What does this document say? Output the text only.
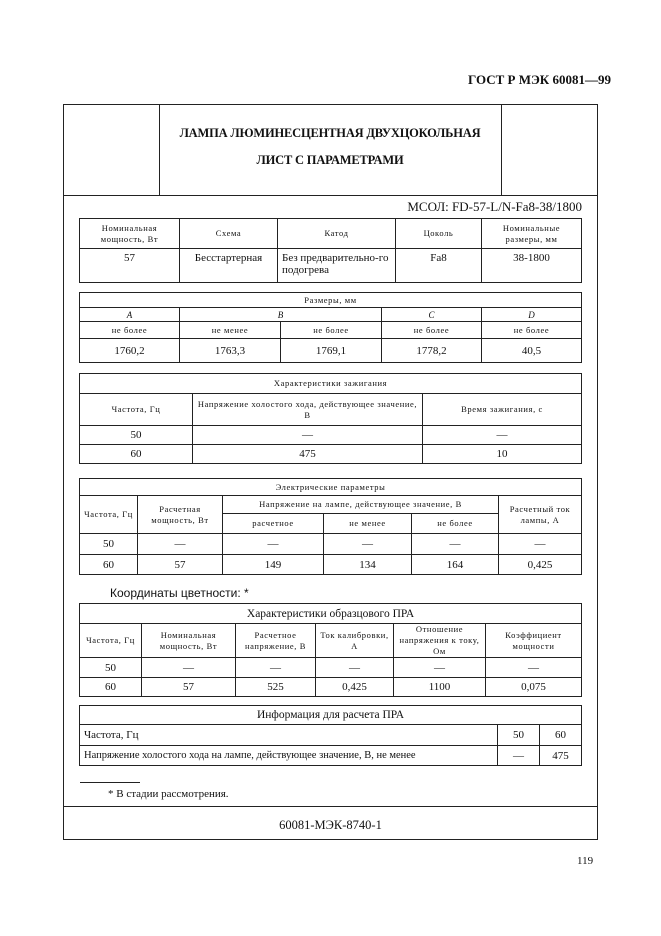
ГОСТ Р МЭК 60081—99
ЛАМПА ЛЮМИНЕСЦЕНТНАЯ ДВУХЦОКОЛЬНАЯ
ЛИСТ С ПАРАМЕТРАМИ
МСОЛ: FD-57-L/N-Fa8-38/1800
Номинальная мощность, Вт	Схема	Катод	Цоколь	Номинальные размеры, мм
57	Бесстартерная	Без предварительно-го подогрева	Fa8	38-1800
Размеры, мм				
A	B		C	D
не более	не менее	не более	не более	не более
1760,2	1763,3	1769,1	1778,2	40,5
Характеристики зажигания		
Частота, Гц	Напряжение холостого хода, действующее значение, В	Время зажигания, с
50	—	—
60	475	10
Электрические параметры					
Частота, Гц	Расчетная мощность, Вт	Напряжение на лампе, действующее значение, В			Расчетный ток лампы, А
		расчетное	не менее	не более	
50	—	—	—	—	—
60	57	149	134	164	0,425
Координаты цветности: *
Характеристики образцового ПРА					
Частота, Гц	Номинальная мощность, Вт	Расчетное напряжение, В	Ток калибровки, А	Отношение напряжения к току, Ом	Коэффициент мощности
50	—	—	—	—	—
60	57	525	0,425	1100	0,075
Информация для расчета ПРА		
Частота, Гц	50	60
Напряжение холостого хода на лампе, действующее значение, В, не менее	—	475
* В стадии рассмотрения.
60081-МЭК-8740-1
119
